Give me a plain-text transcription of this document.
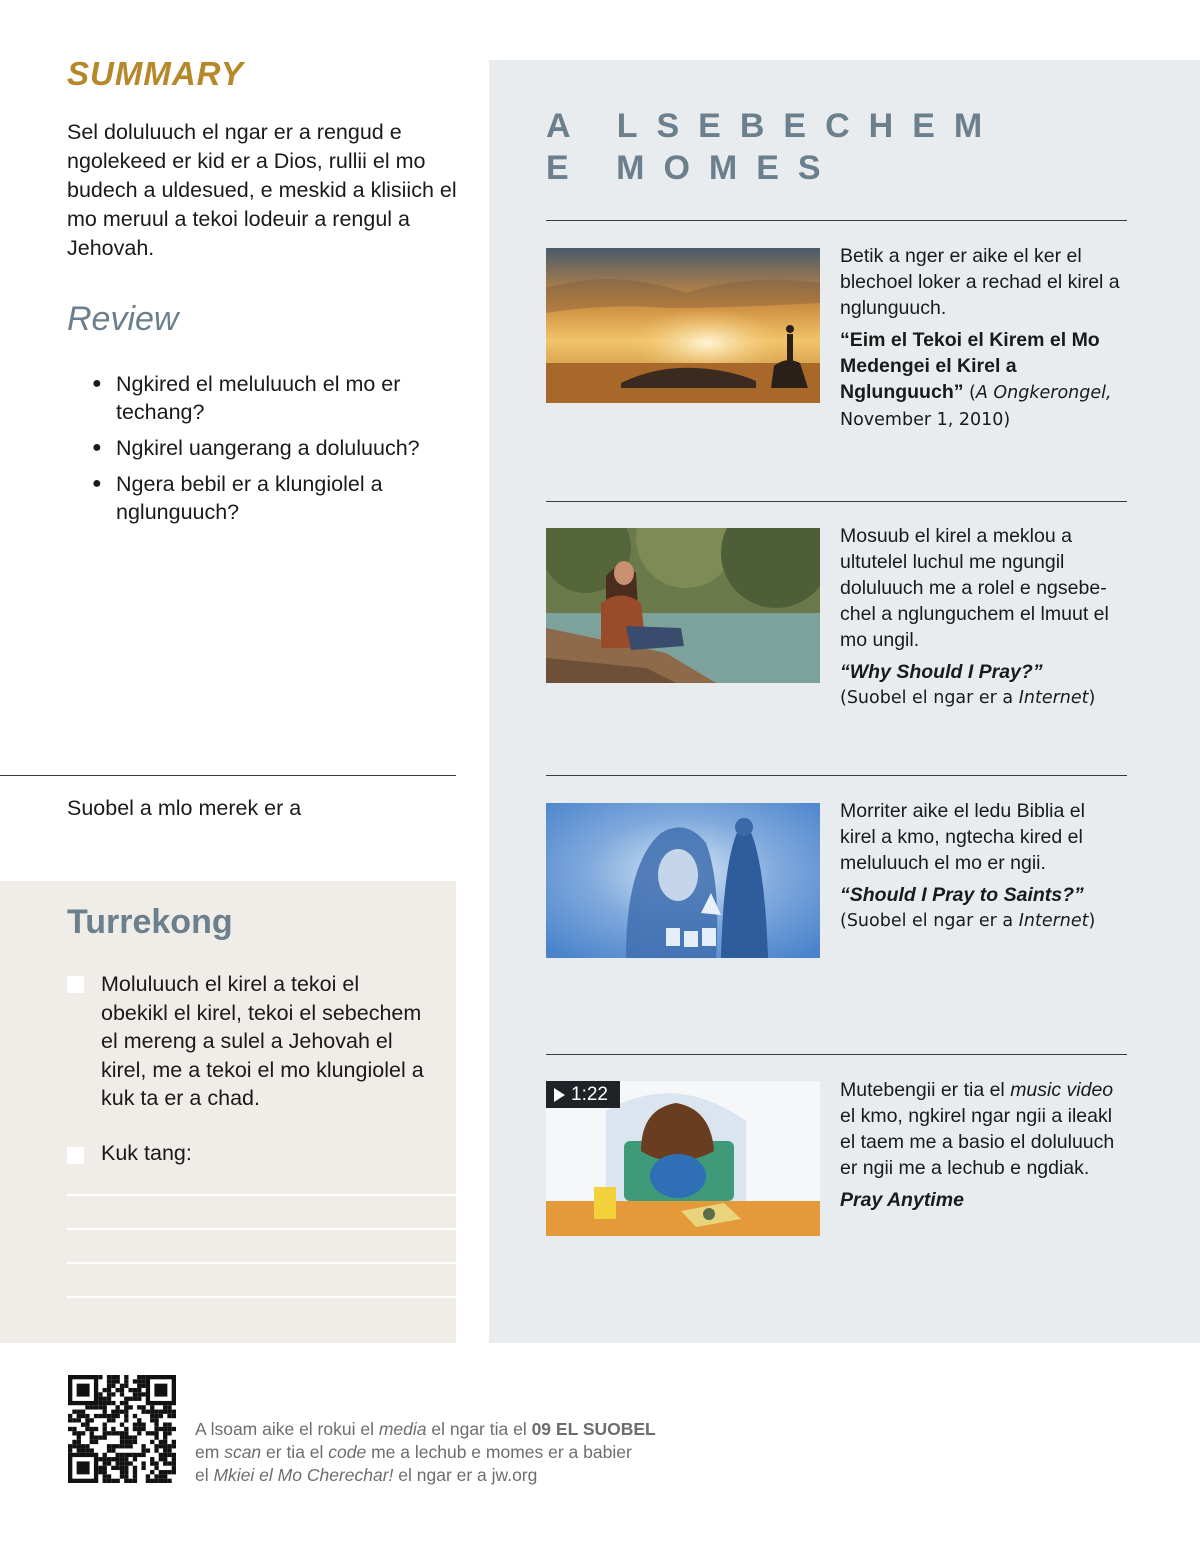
SUMMARY
Sel doluluuch el ngar er a rengud e ngolekeed er kid er a Dios, rullii el mo budech a uldesued, e meskid a klisiich el mo meruul a tekoi lodeuir a rengul a Jehovah.
Review
● Ngkired el meluluuch el mo er techang?
● Ngkirel uangerang a doluluuch?
● Ngera bebil er a klungiolel a nglunguuch?
Suobel a mlo merek er a
Turrekong
Moluluuch el kirel a tekoi el obekikl el kirel, tekoi el sebechem el mereng a sulel a Jehovah el kirel, me a tekoi el mo klungiolel a kuk ta er a chad.
Kuk tang:
A LSEBECHEM
E MOMES
Betik a nger er aike el ker el blechoel loker a rechad el kirel a nglunguuch.
“Eim el Tekoi el Kirem el Mo Medengei el Kirel a Nglunguuch” (A Ongkerongel, November 1, 2010)
Mosuub el kirel a meklou a ultutelel luchul me ngungil doluluuch me a rolel e ngsebechel a nglunguchem el lmuut el mo ungil.
“Why Should I Pray?”
(Suobel el ngar er a Internet)
Morriter aike el ledu Biblia el kirel a kmo, ngtecha kired el meluluuch el mo er ngii.
“Should I Pray to Saints?”
(Suobel el ngar er a Internet)
1:22	Mutebengii er tia el music video el kmo, ngkirel ngar ngii a ileakl el taem me a basio el doluluuch er ngii me a lechub e ngdiak.
Pray Anytime
A lsoam aike el rokui el media el ngar tia el 09 EL SUOBEL
em scan er tia el code me a lechub e momes er a babier
el Mkiei el Mo Cherechar! el ngar er a jw.org
